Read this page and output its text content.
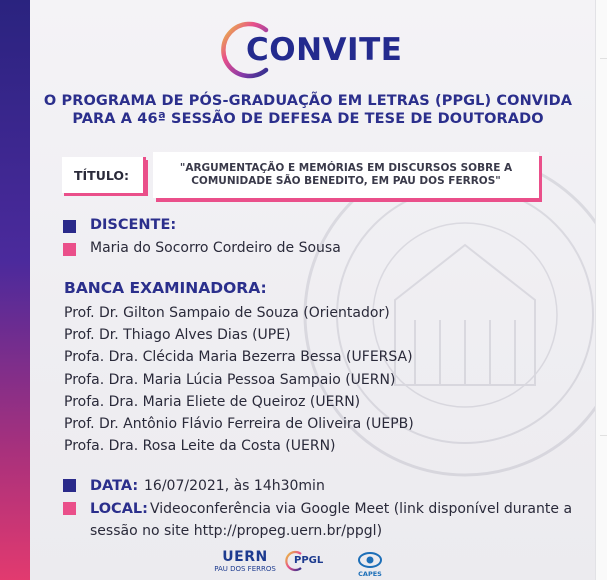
CONVITE
O PROGRAMA DE PÓS-GRADUAÇÃO EM LETRAS (PPGL) CONVIDA
PARA A 46ª SESSÃO DE DEFESA DE TESE DE DOUTORADO
TÍTULO:	"ARGUMENTAÇÃO E MEMÓRIAS EM DISCURSOS SOBRE A
COMUNIDADE SÃO BENEDITO, EM PAU DOS FERROS"
DISCENTE:
Maria do Socorro Cordeiro de Sousa
BANCA EXAMINADORA:
Prof. Dr. Gilton Sampaio de Souza (Orientador)
Prof. Dr. Thiago Alves Dias (UPE)
Profa. Dra. Clécida Maria Bezerra Bessa (UFERSA)
Profa. Dra. Maria Lúcia Pessoa Sampaio (UERN)
Profa. Dra. Maria Eliete de Queiroz (UERN)
Prof. Dr. Antônio Flávio Ferreira de Oliveira (UEPB)
Profa. Dra. Rosa Leite da Costa (UERN)
DATA: 16/07/2021, às 14h30min
LOCAL: Videoconferência via Google Meet (link disponível durante a
sessão no site http://propeg.uern.br/ppgl)
UERN
PAU DOS FERROS
PPGL
CAPES
